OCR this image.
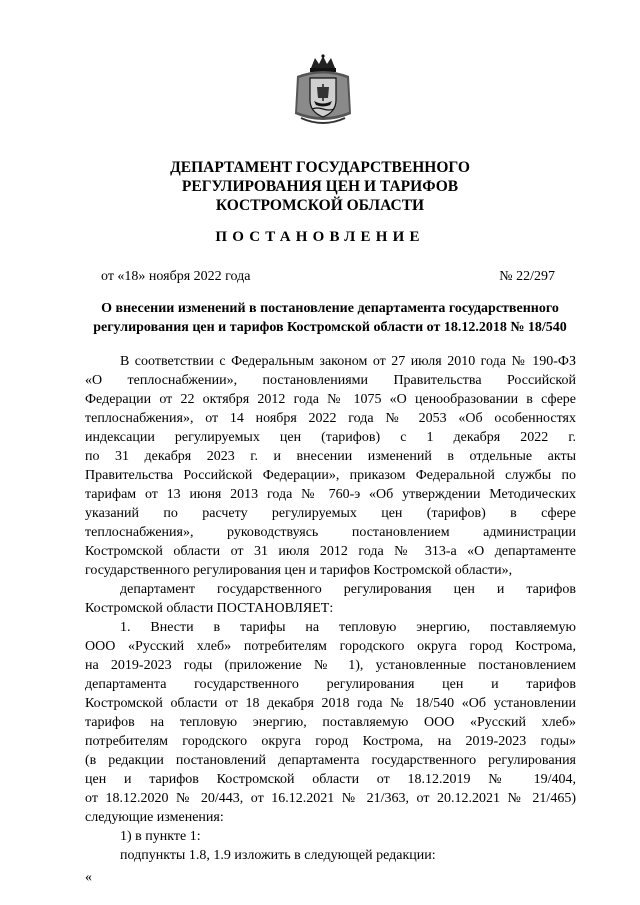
ДЕПАРТАМЕНТ ГОСУДАРСТВЕННОГО
РЕГУЛИРОВАНИЯ ЦЕН И ТАРИФОВ
КОСТРОМСКОЙ ОБЛАСТИ
ПОСТАНОВЛЕНИЕ
от «18» ноября 2022 года	№ 22/297
О внесении изменений в постановление департамента государственного
регулирования цен и тарифов Костромской области от 18.12.2018 № 18/540
В соответствии с Федеральным законом от 27 июля 2010 года № 190-ФЗ
«О теплоснабжении», постановлениями Правительства Российской
Федерации от 22 октября 2012 года № 1075 «О ценообразовании в сфере
теплоснабжения», от 14 ноября 2022 года № 2053 «Об особенностях
индексации регулируемых цен (тарифов) с 1 декабря 2022 г.
по 31 декабря 2023 г. и внесении изменений в отдельные акты
Правительства Российской Федерации», приказом Федеральной службы по
тарифам от 13 июня 2013 года № 760-э «Об утверждении Методических
указаний по расчету регулируемых цен (тарифов) в сфере
теплоснабжения», руководствуясь постановлением администрации
Костромской области от 31 июля 2012 года № 313-а «О департаменте
государственного регулирования цен и тарифов Костромской области»,
департамент государственного регулирования цен и тарифов
Костромской области ПОСТАНОВЛЯЕТ:
1. Внести в тарифы на тепловую энергию, поставляемую
ООО «Русский хлеб» потребителям городского округа город Кострома,
на 2019-2023 годы (приложение № 1), установленные постановлением
департамента государственного регулирования цен и тарифов
Костромской области от 18 декабря 2018 года № 18/540 «Об установлении
тарифов на тепловую энергию, поставляемую ООО «Русский хлеб»
потребителям городского округа город Кострома, на 2019-2023 годы»
(в редакции постановлений департамента государственного регулирования
цен и тарифов Костромской области от 18.12.2019 № 19/404,
от 18.12.2020 № 20/443, от 16.12.2021 № 21/363, от 20.12.2021 № 21/465)
следующие изменения:
1) в пункте 1:
подпункты 1.8, 1.9 изложить в следующей редакции:
«
